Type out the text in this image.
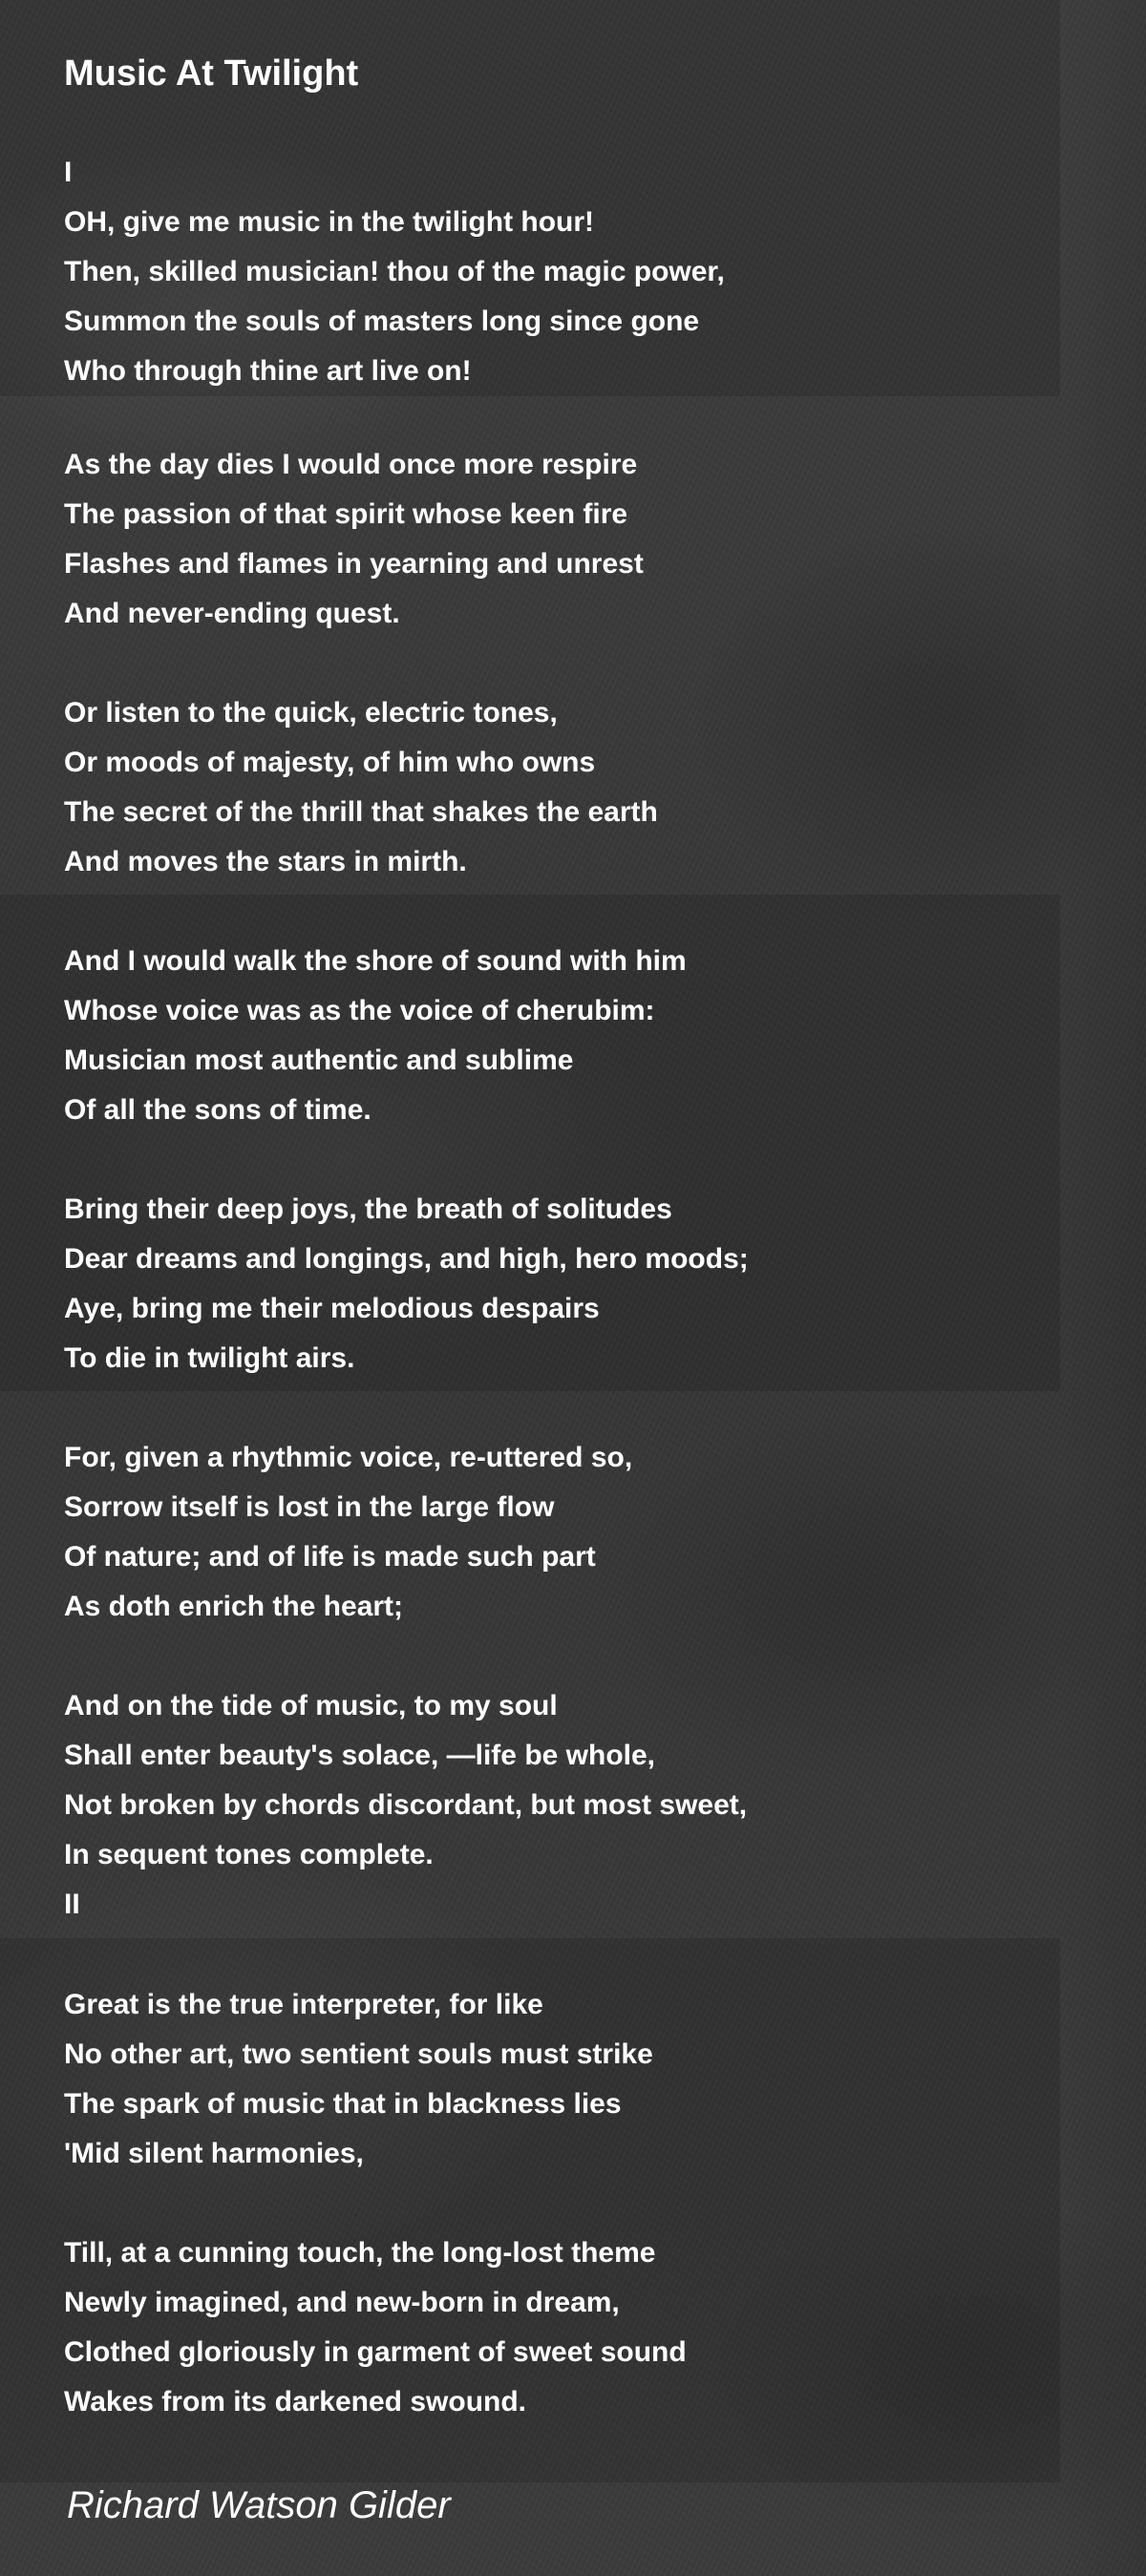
Music At Twilight
I
OH, give me music in the twilight hour!
Then, skilled musician! thou of the magic power,
Summon the souls of masters long since gone
Who through thine art live on!
As the day dies I would once more respire
The passion of that spirit whose keen fire
Flashes and flames in yearning and unrest
And never-ending quest.
Or listen to the quick, electric tones,
Or moods of majesty, of him who owns
The secret of the thrill that shakes the earth
And moves the stars in mirth.
And I would walk the shore of sound with him
Whose voice was as the voice of cherubim:
Musician most authentic and sublime
Of all the sons of time.
Bring their deep joys, the breath of solitudes
Dear dreams and longings, and high, hero moods;
Aye, bring me their melodious despairs
To die in twilight airs.
For, given a rhythmic voice, re-uttered so,
Sorrow itself is lost in the large flow
Of nature; and of life is made such part
As doth enrich the heart;
And on the tide of music, to my soul
Shall enter beauty's solace, —life be whole,
Not broken by chords discordant, but most sweet,
In sequent tones complete.
II
Great is the true interpreter, for like
No other art, two sentient souls must strike
The spark of music that in blackness lies
'Mid silent harmonies,
Till, at a cunning touch, the long-lost theme
Newly imagined, and new-born in dream,
Clothed gloriously in garment of sweet sound
Wakes from its darkened swound.

Richard Watson Gilder
